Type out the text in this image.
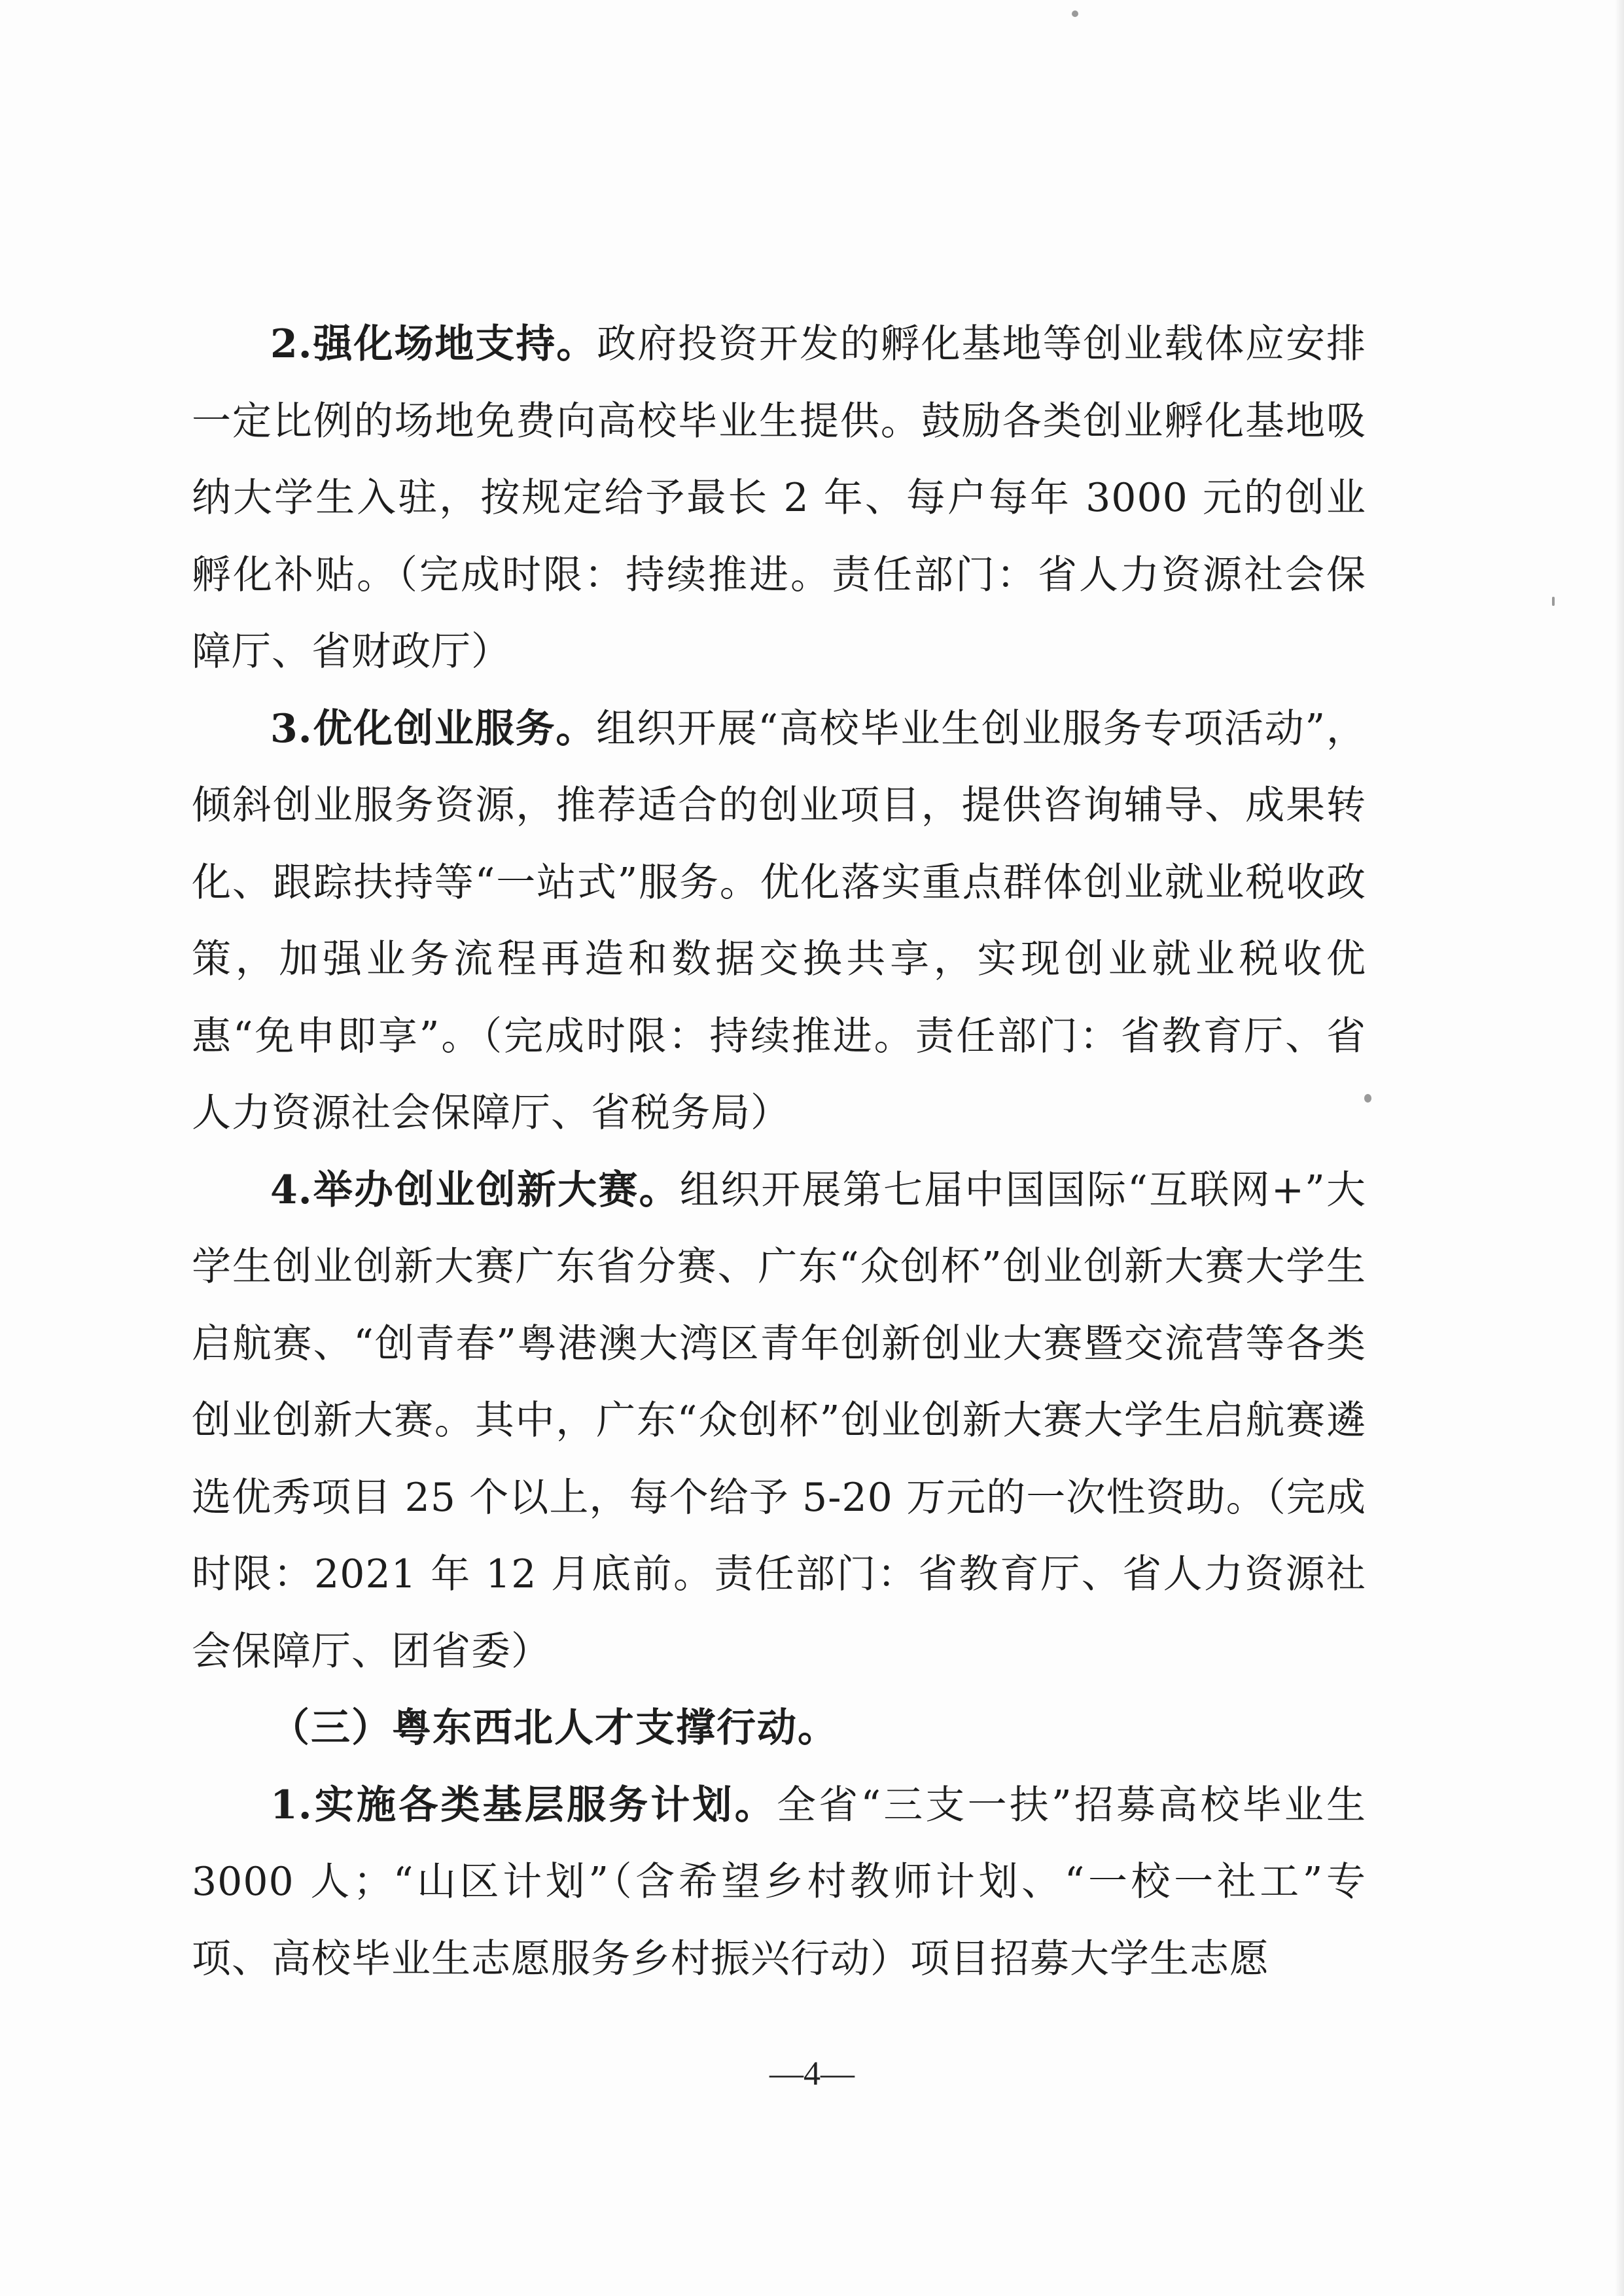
2.强化场地支持。政府投资开发的孵化基地等创业载体应安排一定比例的场地免费向高校毕业生提供。鼓励各类创业孵化基地吸纳大学生入驻，按规定给予最长 2 年、每户每年 3000 元的创业孵化补贴。（完成时限：持续推进。责任部门：省人力资源社会保障厅、省财政厅）

3.优化创业服务。组织开展“高校毕业生创业服务专项活动”，倾斜创业服务资源，推荐适合的创业项目，提供咨询辅导、成果转化、跟踪扶持等“一站式”服务。优化落实重点群体创业就业税收政策，加强业务流程再造和数据交换共享，实现创业就业税收优惠“免申即享”。（完成时限：持续推进。责任部门：省教育厅、省人力资源社会保障厅、省税务局）

4.举办创业创新大赛。组织开展第七届中国国际“互联网+”大学生创业创新大赛广东省分赛、广东“众创杯”创业创新大赛大学生启航赛、“创青春”粤港澳大湾区青年创新创业大赛暨交流营等各类创业创新大赛。其中，广东“众创杯”创业创新大赛大学生启航赛遴选优秀项目 25 个以上，每个给予 5-20 万元的一次性资助。（完成时限：2021 年 12 月底前。责任部门：省教育厅、省人力资源社会保障厅、团省委）

（三）粤东西北人才支撑行动。

1.实施各类基层服务计划。全省“三支一扶”招募高校毕业生 3000 人；“山区计划”（含希望乡村教师计划、“一校一社工”专项、高校毕业生志愿服务乡村振兴行动）项目招募大学生志愿

—4—
